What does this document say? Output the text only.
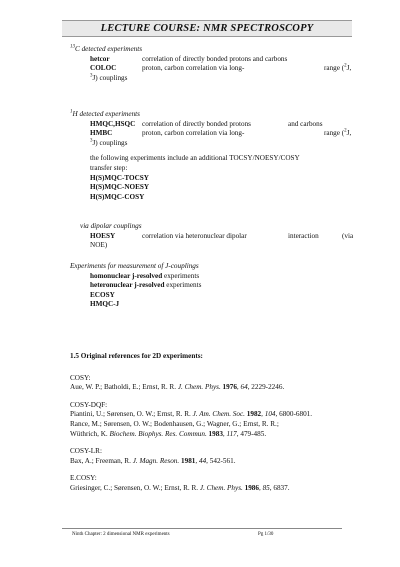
LECTURE COURSE: NMR SPECTROSCOPY
$^{13}$C detected experiments
hetcor	correlation of directly bonded protons and carbons
COLOC	proton, carbon correlation via long-	range ($^2$J,
$^3$J) couplings
$^1$H detected experiments
HMQC,HSQC correlation of directly bonded protons	and carbons
HMBC	proton, carbon correlation via long-	range ($^2$J,
$^3$J) couplings
the following experiments include an additional TOCSY/NOESY/COSY
transfer step:
H(S)MQC-TOCSY
H(S)MQC-NOESY
H(S)MQC-COSY
via dipolar couplings
HOESY	correlation via heteronuclear dipolar	interaction	(via
NOE)
Experiments for measurement of J-couplings
homonuclear j-resolved experiments
heteronuclear j-resolved experiments
ECOSY
HMQC-J
1.5 Original references for 2D experiments:
COSY:
Aue, W. P.; Batholdi, E.; Ernst, R. R. J. Chem. Phys. 1976, 64, 2229-2246.
COSY-DQF:
Piantini, U.; Sørensen, O. W.; Ernst, R. R. J. Am. Chem. Soc. 1982, 104, 6800-6801.
Rance, M.; Sørensen, O. W.; Bodenhausen, G.; Wagner, G.; Ernst, R. R.;
Wüthrich, K. Biochem. Biophys. Res. Commun. 1983, 117, 479-485.
COSY-LR:
Bax, A.; Freeman, R. J. Magn. Reson. 1981, 44, 542-561.
E.COSY:
Griesinger, C.; Sørensen, O. W.; Ernst, R. R. J. Chem. Phys. 1986, 85, 6837.
Ninth Chapter: 2 dimensional NMR experiments	Pg 1/30
